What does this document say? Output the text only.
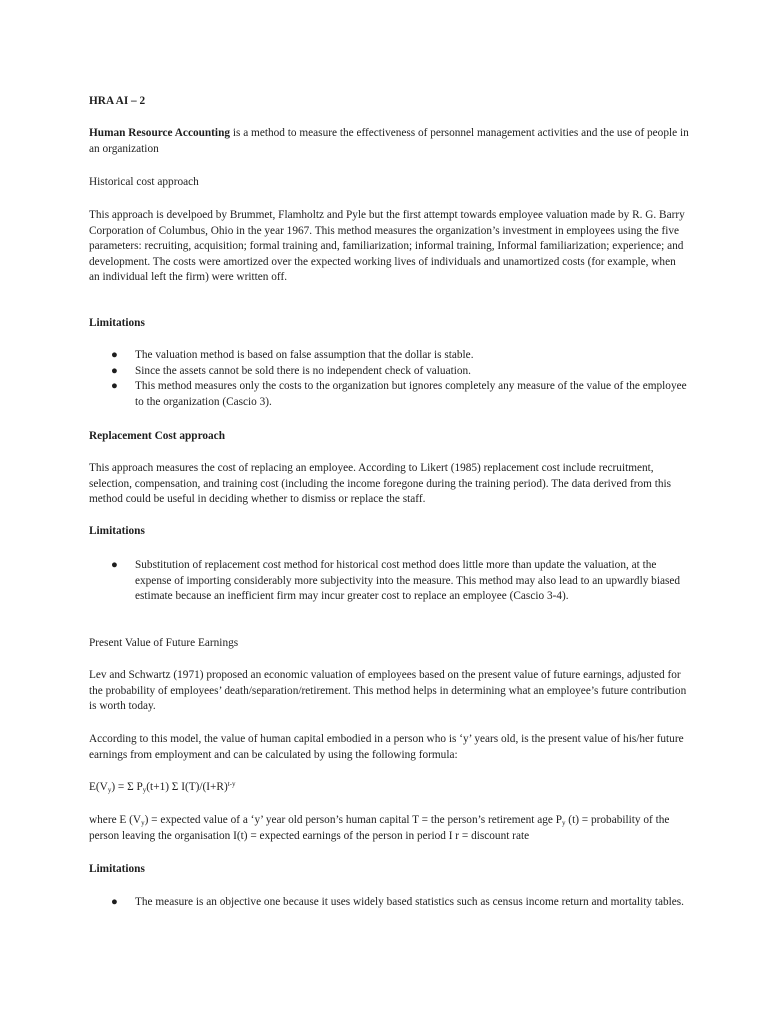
HRA AI – 2

Human Resource Accounting is a method to measure the effectiveness of personnel management activities and the use of people in an organization

Historical cost approach

This approach is develpoed by Brummet, Flamholtz and Pyle but the first attempt towards employee valuation made by R. G. Barry Corporation of Columbus, Ohio in the year 1967. This method measures the organization’s investment in employees using the five parameters: recruiting, acquisition; formal training and, familiarization; informal training, Informal familiarization; experience; and development. The costs were amortized over the expected working lives of individuals and unamortized costs (for example, when an individual left the firm) were written off.

Limitations

● The valuation method is based on false assumption that the dollar is stable.
● Since the assets cannot be sold there is no independent check of valuation.
● This method measures only the costs to the organization but ignores completely any measure of the value of the employee to the organization (Cascio 3).

Replacement Cost approach

This approach measures the cost of replacing an employee. According to Likert (1985) replacement cost include recruitment, selection, compensation, and training cost (including the income foregone during the training period). The data derived from this method could be useful in deciding whether to dismiss or replace the staff.

Limitations

● Substitution of replacement cost method for historical cost method does little more than update the valuation, at the expense of importing considerably more subjectivity into the measure. This method may also lead to an upwardly biased estimate because an inefficient firm may incur greater cost to replace an employee (Cascio 3-4).

Present Value of Future Earnings

Lev and Schwartz (1971) proposed an economic valuation of employees based on the present value of future earnings, adjusted for the probability of employees’ death/separation/retirement. This method helps in determining what an employee’s future contribution is worth today.

According to this model, the value of human capital embodied in a person who is ‘y’ years old, is the present value of his/her future earnings from employment and can be calculated by using the following formula:

$E(V_y) = \Sigma$ $P_y(t+1)$ Σ $I(T)/(I+R)^{t-y}$

where E $(V_y)$ = expected value of a ‘y’ year old person’s human capital T = the person’s retirement age $P_y$ (t) = probability of the person leaving the organisation I(t) = expected earnings of the person in period I r = discount rate

Limitations

● The measure is an objective one because it uses widely based statistics such as census income return and mortality tables.
